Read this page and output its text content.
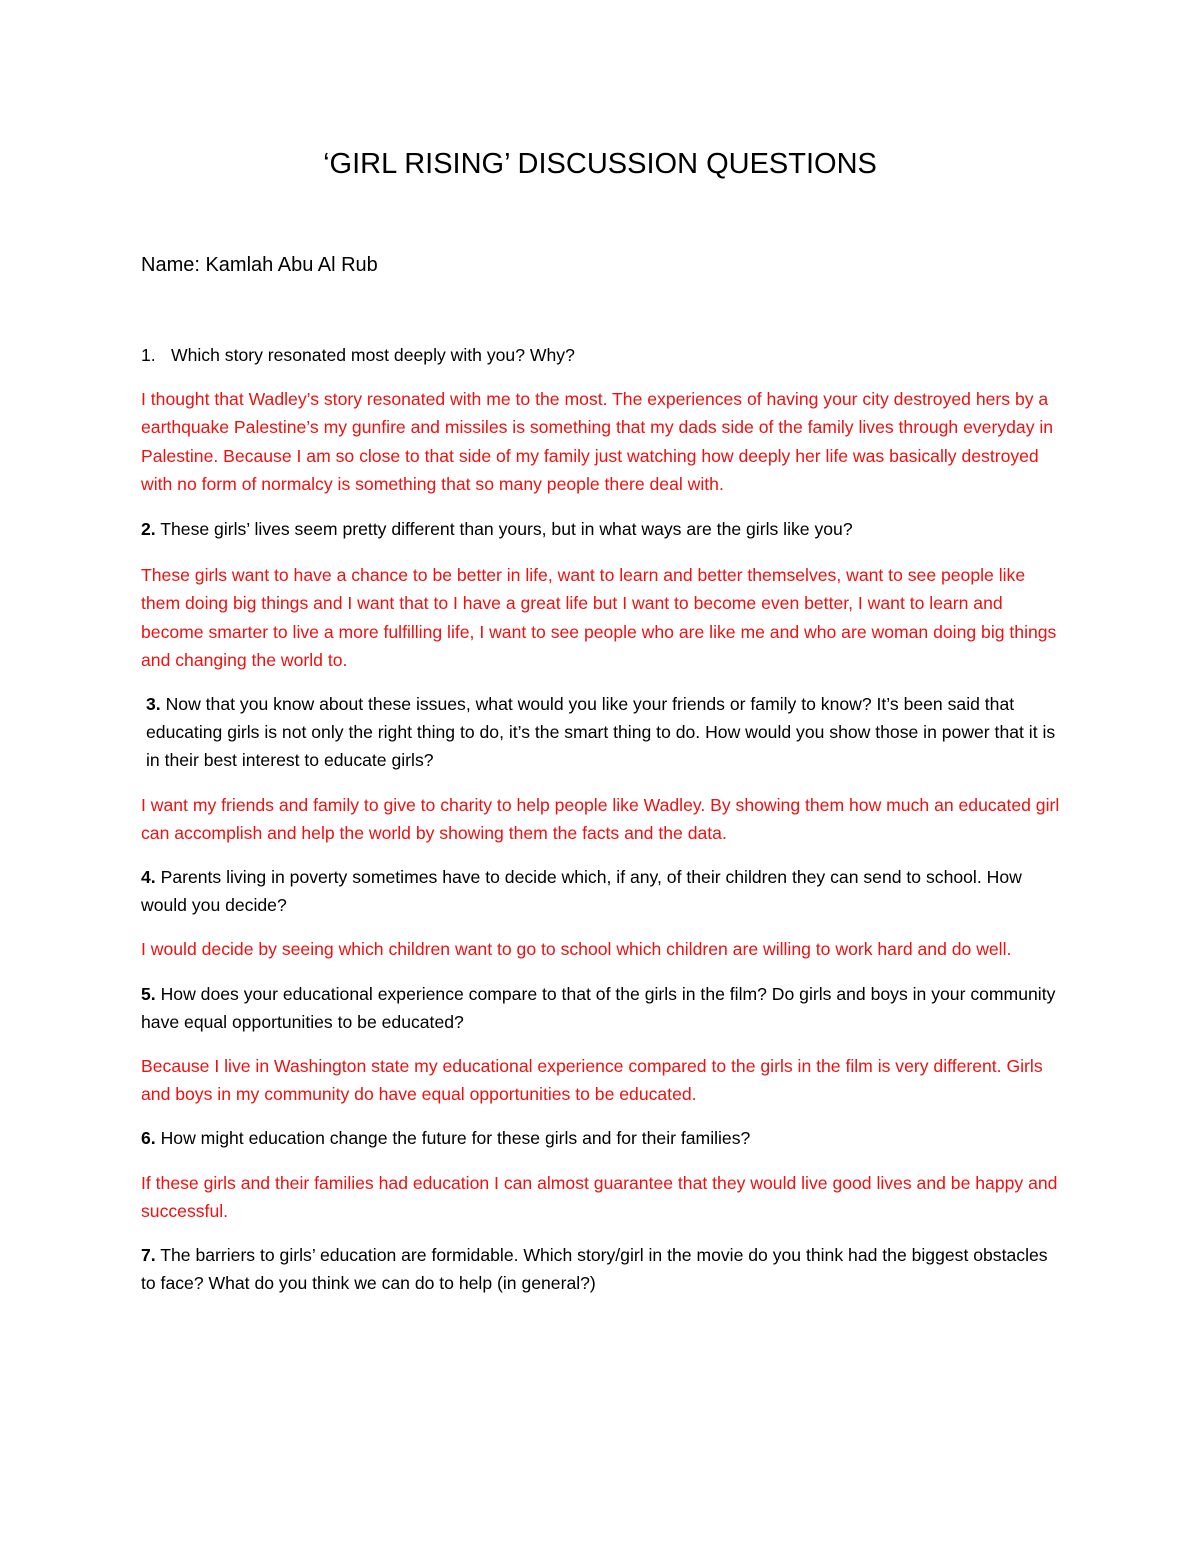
‘GIRL RISING’ DISCUSSION QUESTIONS
Name: Kamlah Abu Al Rub

1. Which story resonated most deeply with you? Why?

I thought that Wadley’s story resonated with me to the most. The experiences of having your city destroyed hers by a earthquake Palestine’s my gunfire and missiles is something that my dads side of the family lives through everyday in Palestine. Because I am so close to that side of my family just watching how deeply her life was basically destroyed with no form of normalcy is something that so many people there deal with.

2. These girls’ lives seem pretty different than yours, but in what ways are the girls like you?

These girls want to have a chance to be better in life, want to learn and better themselves, want to see people like them doing big things and I want that to I have a great life but I want to become even better, I want to learn and become smarter to live a more fulfilling life, I want to see people who are like me and who are woman doing big things and changing the world to.

3. Now that you know about these issues, what would you like your friends or family to know? It’s been said that educating girls is not only the right thing to do, it’s the smart thing to do. How would you show those in power that it is in their best interest to educate girls?

I want my friends and family to give to charity to help people like Wadley. By showing them how much an educated girl can accomplish and help the world by showing them the facts and the data.

4. Parents living in poverty sometimes have to decide which, if any, of their children they can send to school. How would you decide?

I would decide by seeing which children want to go to school which children are willing to work hard and do well.

5. How does your educational experience compare to that of the girls in the film? Do girls and boys in your community have equal opportunities to be educated?

Because I live in Washington state my educational experience compared to the girls in the film is very different. Girls and boys in my community do have equal opportunities to be educated.

6. How might education change the future for these girls and for their families?

If these girls and their families had education I can almost guarantee that they would live good lives and be happy and successful.

7. The barriers to girls’ education are formidable. Which story/girl in the movie do you think had the biggest obstacles to face? What do you think we can do to help (in general?)
